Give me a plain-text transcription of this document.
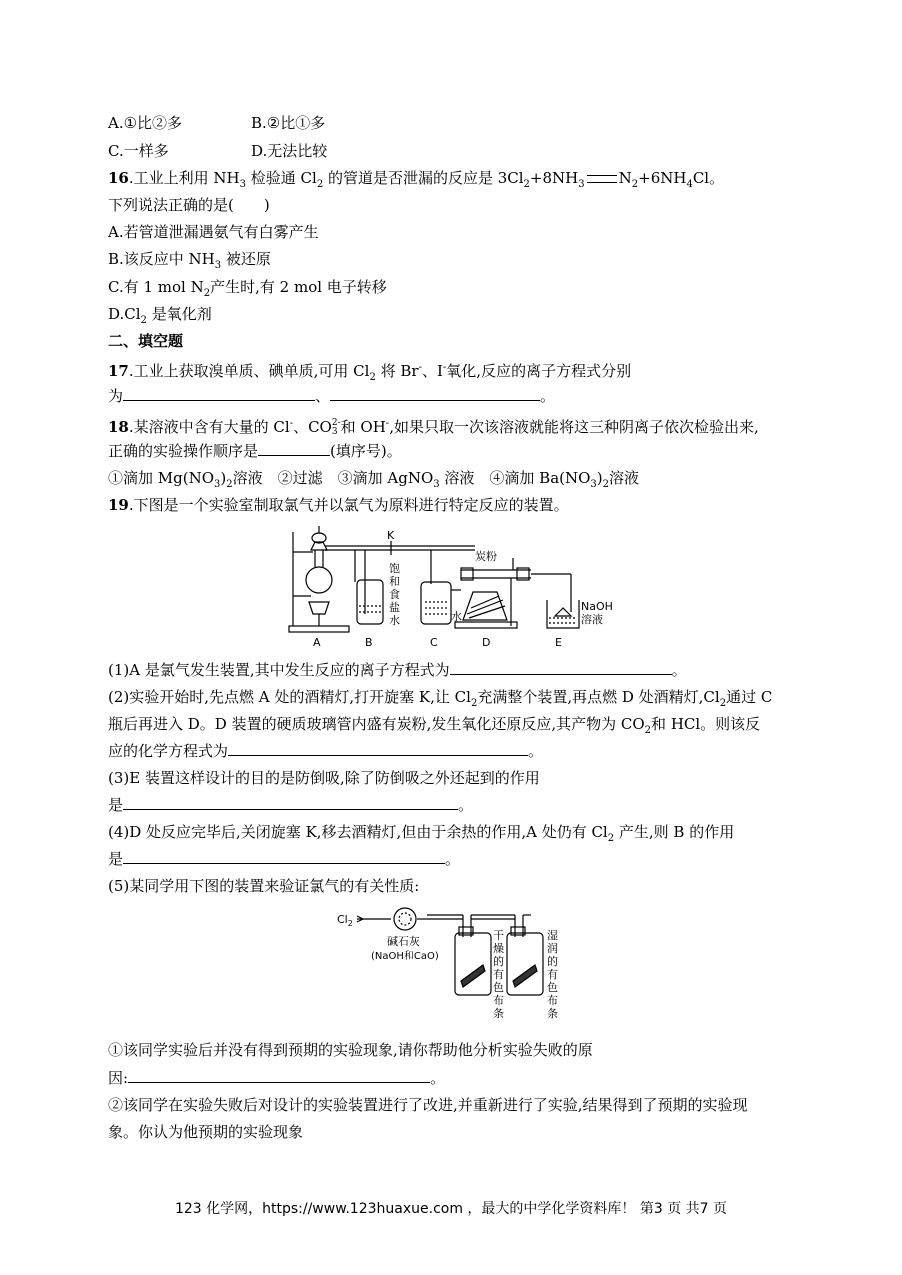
A.①比②多	B.②比①多
C.一样多	D.无法比较
16.工业上利用 $NH_3$ 检验通 $Cl_2$ 的管道是否泄漏的反应是 $3Cl_2+8NH_3$ $N_2+6NH_4Cl$。
下列说法正确的是(　　)
A.若管道泄漏遇氨气有白雾产生
B.该反应中 $NH_3$ 被还原
C.有 1 mol $N_2$产生时,有 2 mol 电子转移
$D.Cl_2$ 是氧化剂
二、填空题
17.工业上获取溴单质、碘单质,可用 $Cl_2$ 将 Br-、I-氧化,反应的离子方程式分别
为	、	。
18.某溶液中含有大量的 Cl-、CO 2-
3 和 OH-,如果只取一次该溶液就能将这三种阴离子依次检验出来,
正确的实验操作顺序是	(填序号)。
①滴加 $Mg(NO_3)_2$溶液　②过滤　③滴加 AgNO$_3$ 溶液　④滴加 $Ba(NO_3)_2$溶液
19.下图是一个实验室制取氯气并以氯气为原料进行特定反应的装置。
K
炭粉
饱
和
食
盐
水	水
NaOH
溶液
A	B	C	D	E
(1)A 是氯气发生装置,其中发生反应的离子方程式为	。
(2)实验开始时,先点燃 A 处的酒精灯,打开旋塞 K,让 $Cl_2$充满整个装置,再点燃 D 处酒精灯$,Cl_2$通过 C
瓶后再进入 D。D 装置的硬质玻璃管内盛有炭粉,发生氧化还原反应,其产物为 $CO_2$和 HCl。则该反
应的化学方程式为	。
(3)E 装置这样设计的目的是防倒吸,除了防倒吸之外还起到的作用
是	。
(4)D 处反应完毕后,关闭旋塞 K,移去酒精灯,但由于余热的作用,A 处仍有 $Cl_2$ 产生,则 B 的作用
是	。
(5)某同学用下图的装置来验证氯气的有关性质:
$Cl_2$
碱石灰
(NaOH和CaO)
干
燥
的
有
色
布
条
湿
润
的
有
色
布
条
①该同学实验后并没有得到预期的实验现象,请你帮助他分析实验失败的原
因:	。
②该同学在实验失败后对设计的实验装置进行了改进,并重新进行了实验,结果得到了预期的实验现
象。你认为他预期的实验现象
123 化学网，https://www.123huaxue.com ，最大的中学化学资料库！ 第3 页 共7 页
